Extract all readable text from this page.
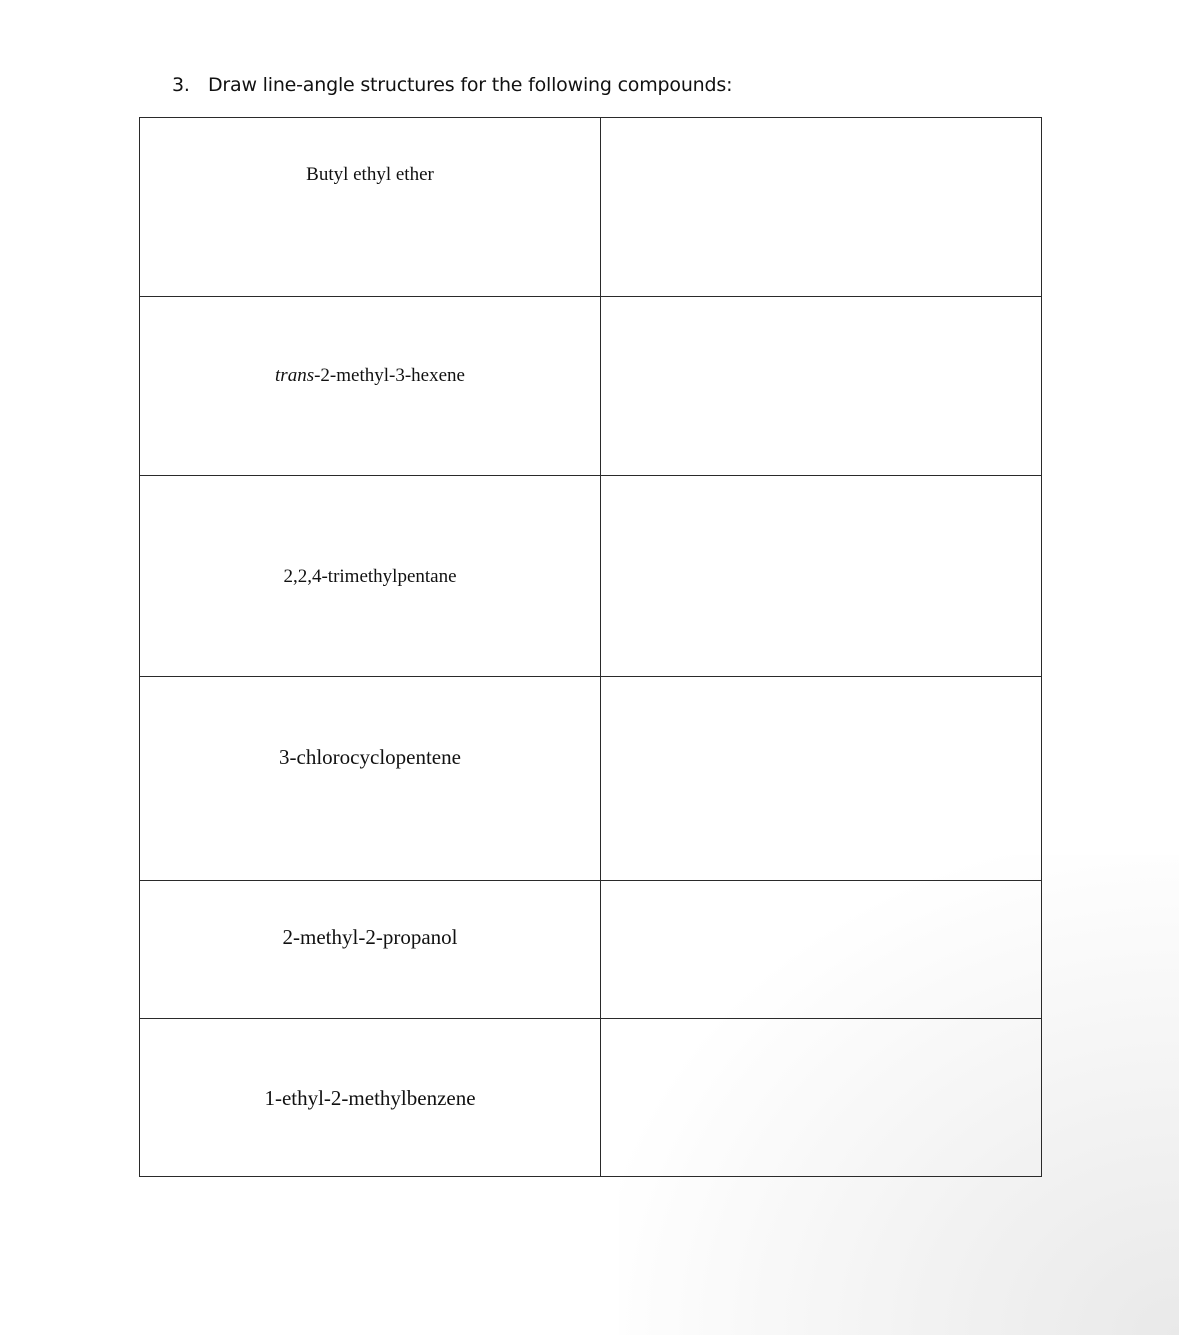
3. Draw line-angle structures for the following compounds:
Butyl ethyl ether	

trans-2-methyl-3-hexene	

2,2,4-trimethylpentane	

3-chlorocyclopentene	

2-methyl-2-propanol	

1-ethyl-2-methylbenzene	
